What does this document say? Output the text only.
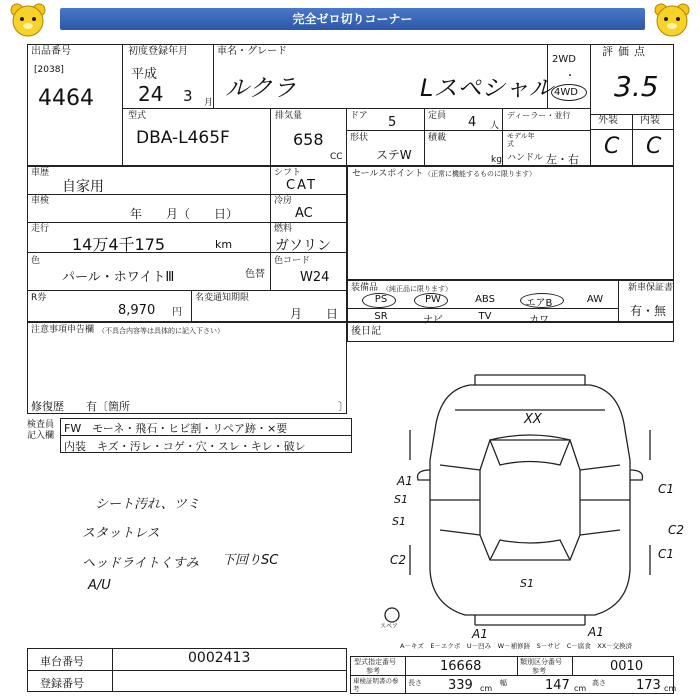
完全ゼロ切りコーナー
出品番号
[2038]
4464
初度登録年月
平成
24 3 月
車名・グレード
ルクラ	Lスペシャル
2WD
・
4WD
評価点
3.5
外装 内装
C C
型式
DBA-L465F
排気量
658
CC
ドア 5	定員 4 人
ディーラー・並行
モデル年式
形状
ステW
積載
kg ハンドル 左・右
車歴
自家用
車検
年　　月（　　日）
走行
14万4千175	km
色
パール・ホワイトⅢ	色替
シフト
CAT
冷房
AC
燃料
ガソリン
色コード
W24
R券
8,970 円
名変通知期限
月　　日
セールスポイント （正常に機能するものに限ります）
装備品 （純正品に限ります）
PS	PW	ABS	エアB	AW
SR	ナビ	TV	カワ
新車保証書
有・無
注意事項申告欄 （不具合内容等は具体的に記入下さい）
修復歴 有〔箇所	〕
後日記
検査員記入欄
FW　モーネ・飛石・ヒビ割・リペア跡・×要
内装　キズ・汚レ・コゲ・穴・スレ・キレ・破レ
シート汚れ、ツミ
スタットレス
ヘッドライトくすみ
A/U
下回りSC
XX
A1
S1
S1
C2
C1
C2
C1
S1
A1	A1
スペア
A－キズ　E－エクボ　U－凹み　W－補修跡　S－サビ　C－腐食　XX－交換済
車台番号	0002413
登録番号
型式指定番号
参考	16668	類別区分番号
参考	0010
車検証明書の参考
長さ 339 cm
幅	147 cm
高さ 173 cm
